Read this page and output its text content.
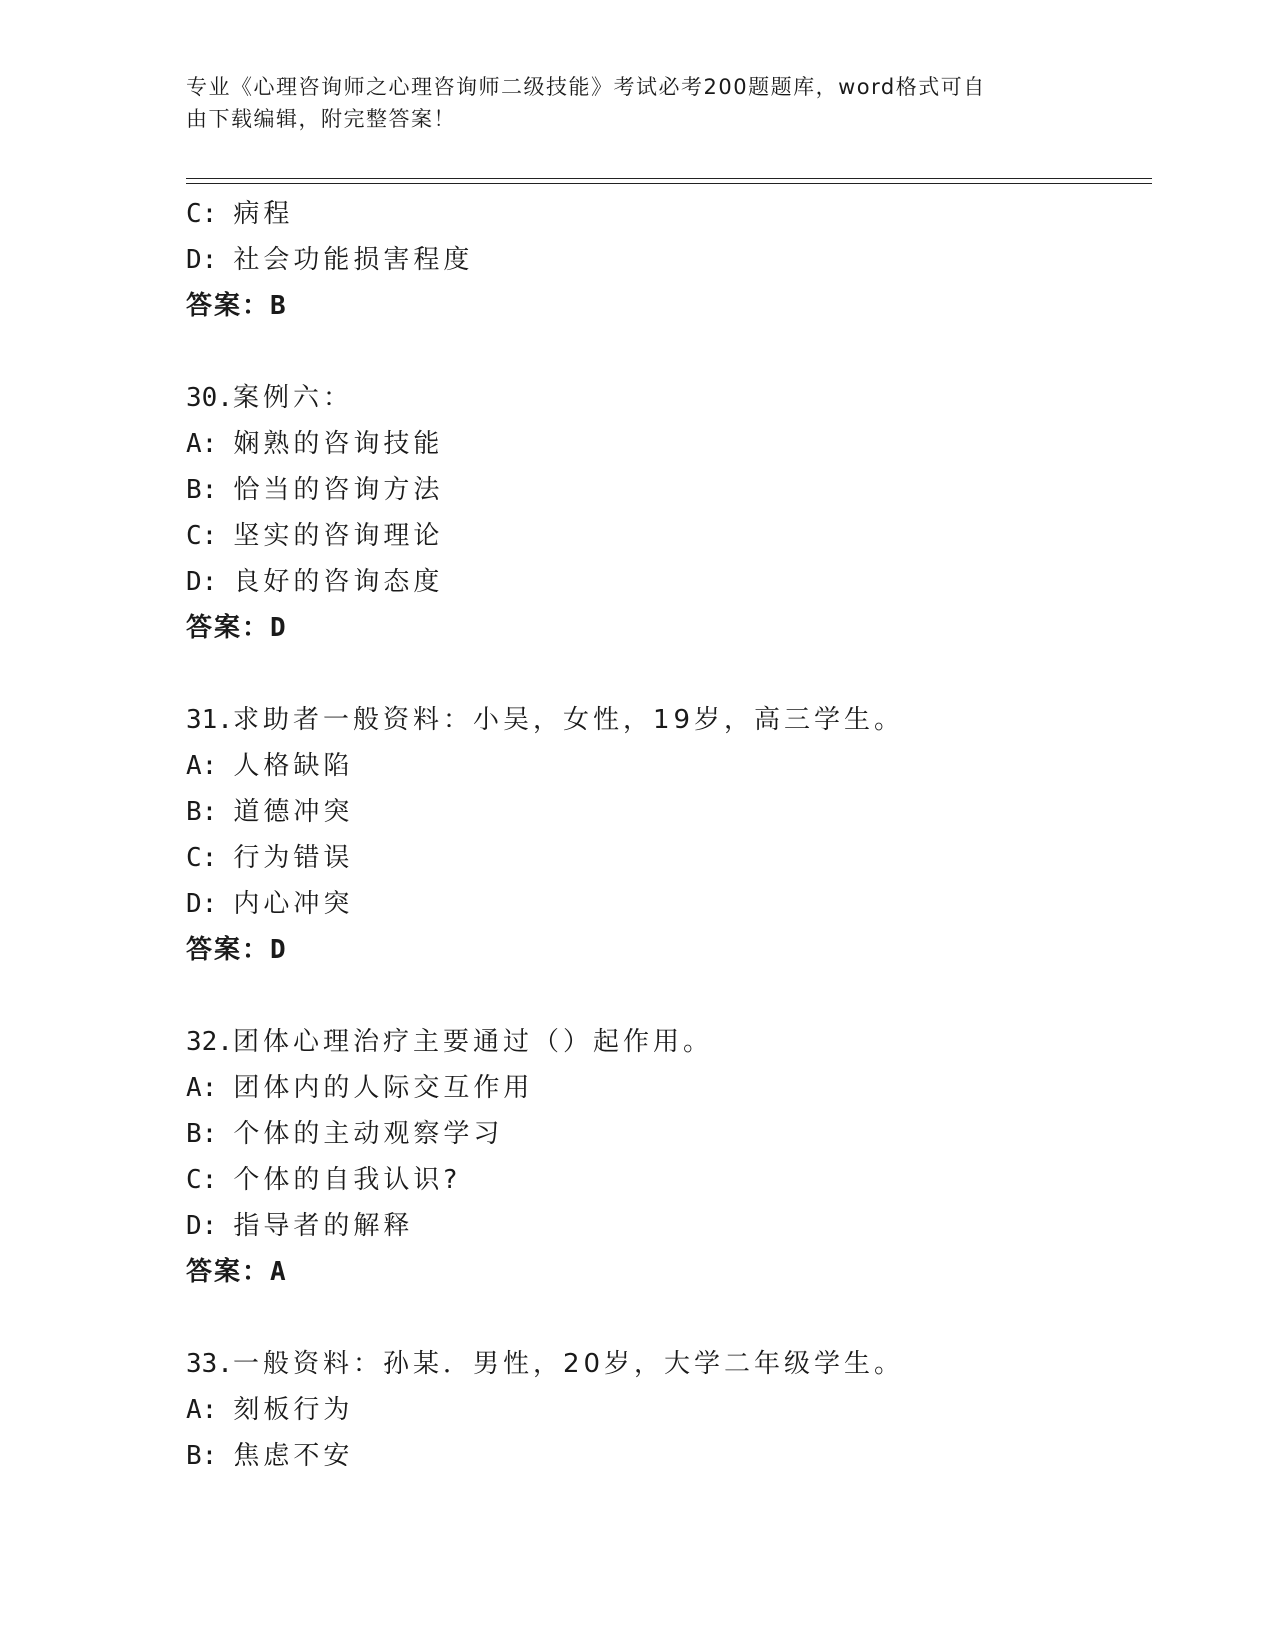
专业《心理咨询师之心理咨询师二级技能》考试必考200题题库，word格式可自
由下载编辑，附完整答案！
C: 病程
D: 社会功能损害程度
答案：B
30.案例六：
A: 娴熟的咨询技能
B: 恰当的咨询方法
C: 坚实的咨询理论
D: 良好的咨询态度
答案：D
31.求助者一般资料：小吴，女性，19岁，高三学生。
A: 人格缺陷
B: 道德冲突
C: 行为错误
D: 内心冲突
答案：D
32.团体心理治疗主要通过（）起作用。
A: 团体内的人际交互作用
B: 个体的主动观察学习
C: 个体的自我认识?
D: 指导者的解释
答案：A
33.一般资料：孙某．男性，20岁，大学二年级学生。
A: 刻板行为
B: 焦虑不安
